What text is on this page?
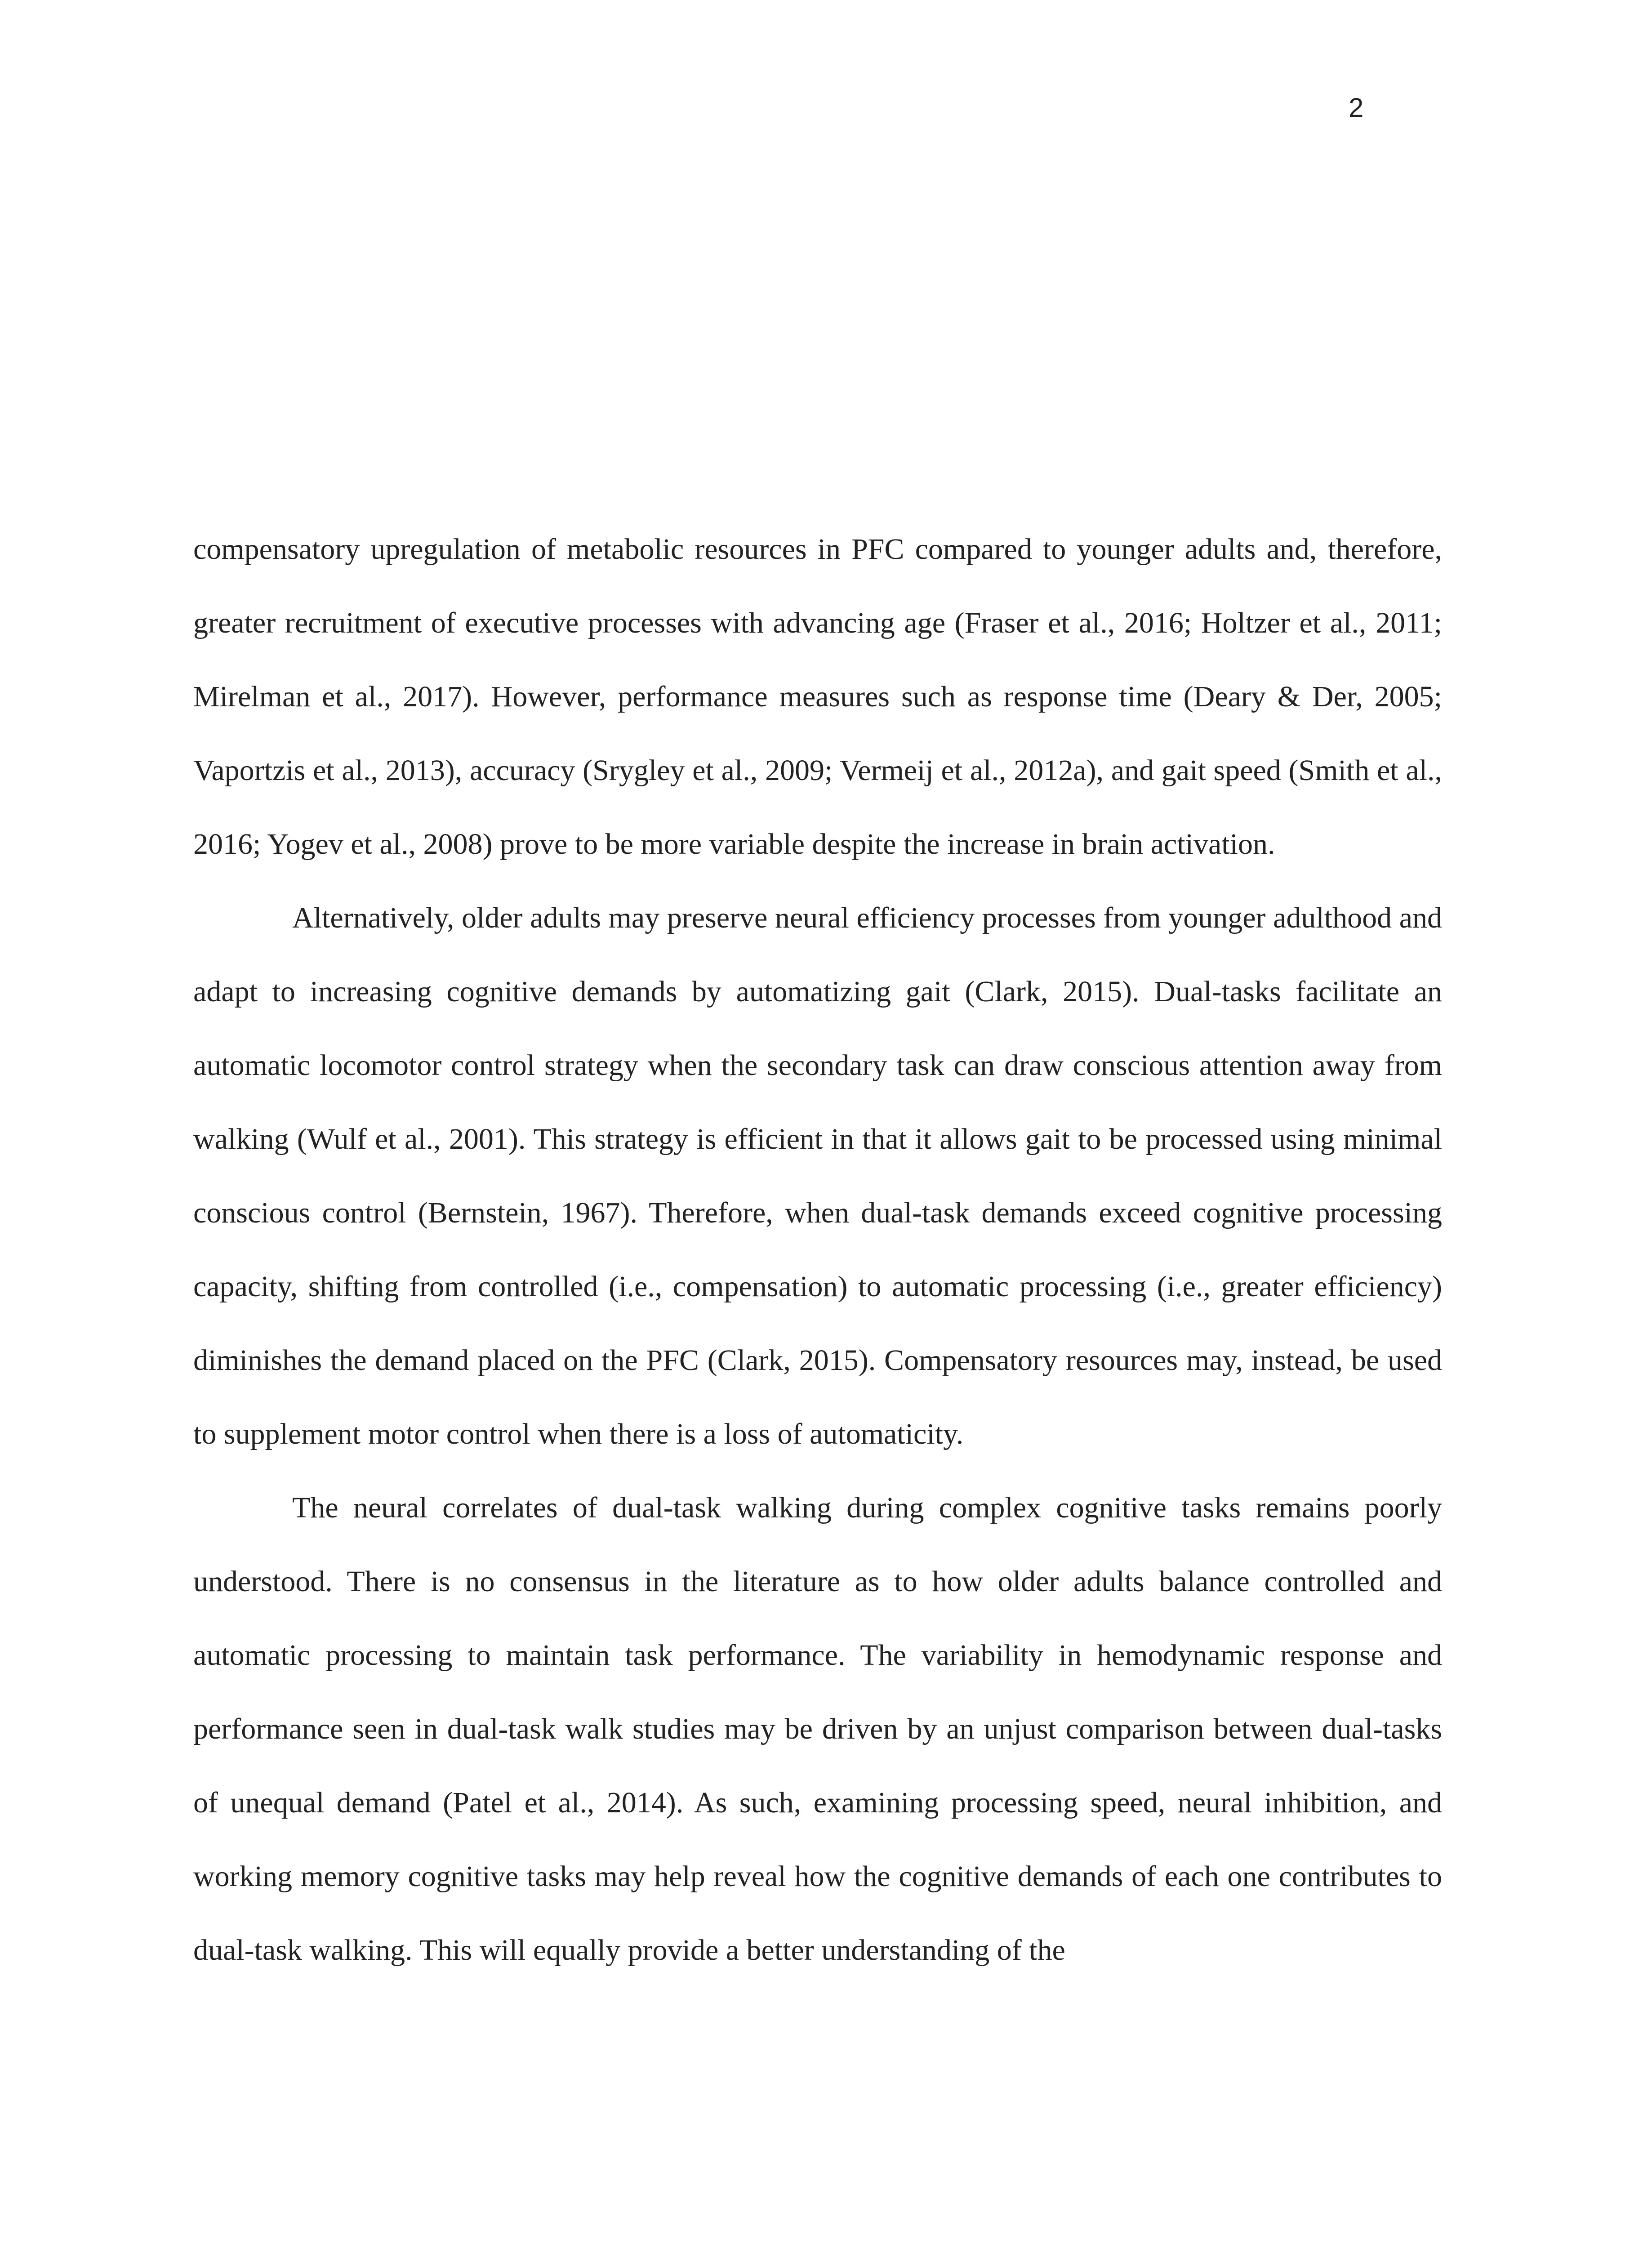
2

compensatory upregulation of metabolic resources in PFC compared to younger adults and, therefore, greater recruitment of executive processes with advancing age (Fraser et al., 2016; Holtzer et al., 2011; Mirelman et al., 2017). However, performance measures such as response time (Deary & Der, 2005; Vaportzis et al., 2013), accuracy (Srygley et al., 2009; Vermeij et al., 2012a), and gait speed (Smith et al., 2016; Yogev et al., 2008) prove to be more variable despite the increase in brain activation.

Alternatively, older adults may preserve neural efficiency processes from younger adulthood and adapt to increasing cognitive demands by automatizing gait (Clark, 2015). Dual-tasks facilitate an automatic locomotor control strategy when the secondary task can draw conscious attention away from walking (Wulf et al., 2001). This strategy is efficient in that it allows gait to be processed using minimal conscious control (Bernstein, 1967). Therefore, when dual-task demands exceed cognitive processing capacity, shifting from controlled (i.e., compensation) to automatic processing (i.e., greater efficiency) diminishes the demand placed on the PFC (Clark, 2015). Compensatory resources may, instead, be used to supplement motor control when there is a loss of automaticity.

The neural correlates of dual-task walking during complex cognitive tasks remains poorly understood. There is no consensus in the literature as to how older adults balance controlled and automatic processing to maintain task performance. The variability in hemodynamic response and performance seen in dual-task walk studies may be driven by an unjust comparison between dual-tasks of unequal demand (Patel et al., 2014). As such, examining processing speed, neural inhibition, and working memory cognitive tasks may help reveal how the cognitive demands of each one contributes to dual-task walking. This will equally provide a better understanding of the
